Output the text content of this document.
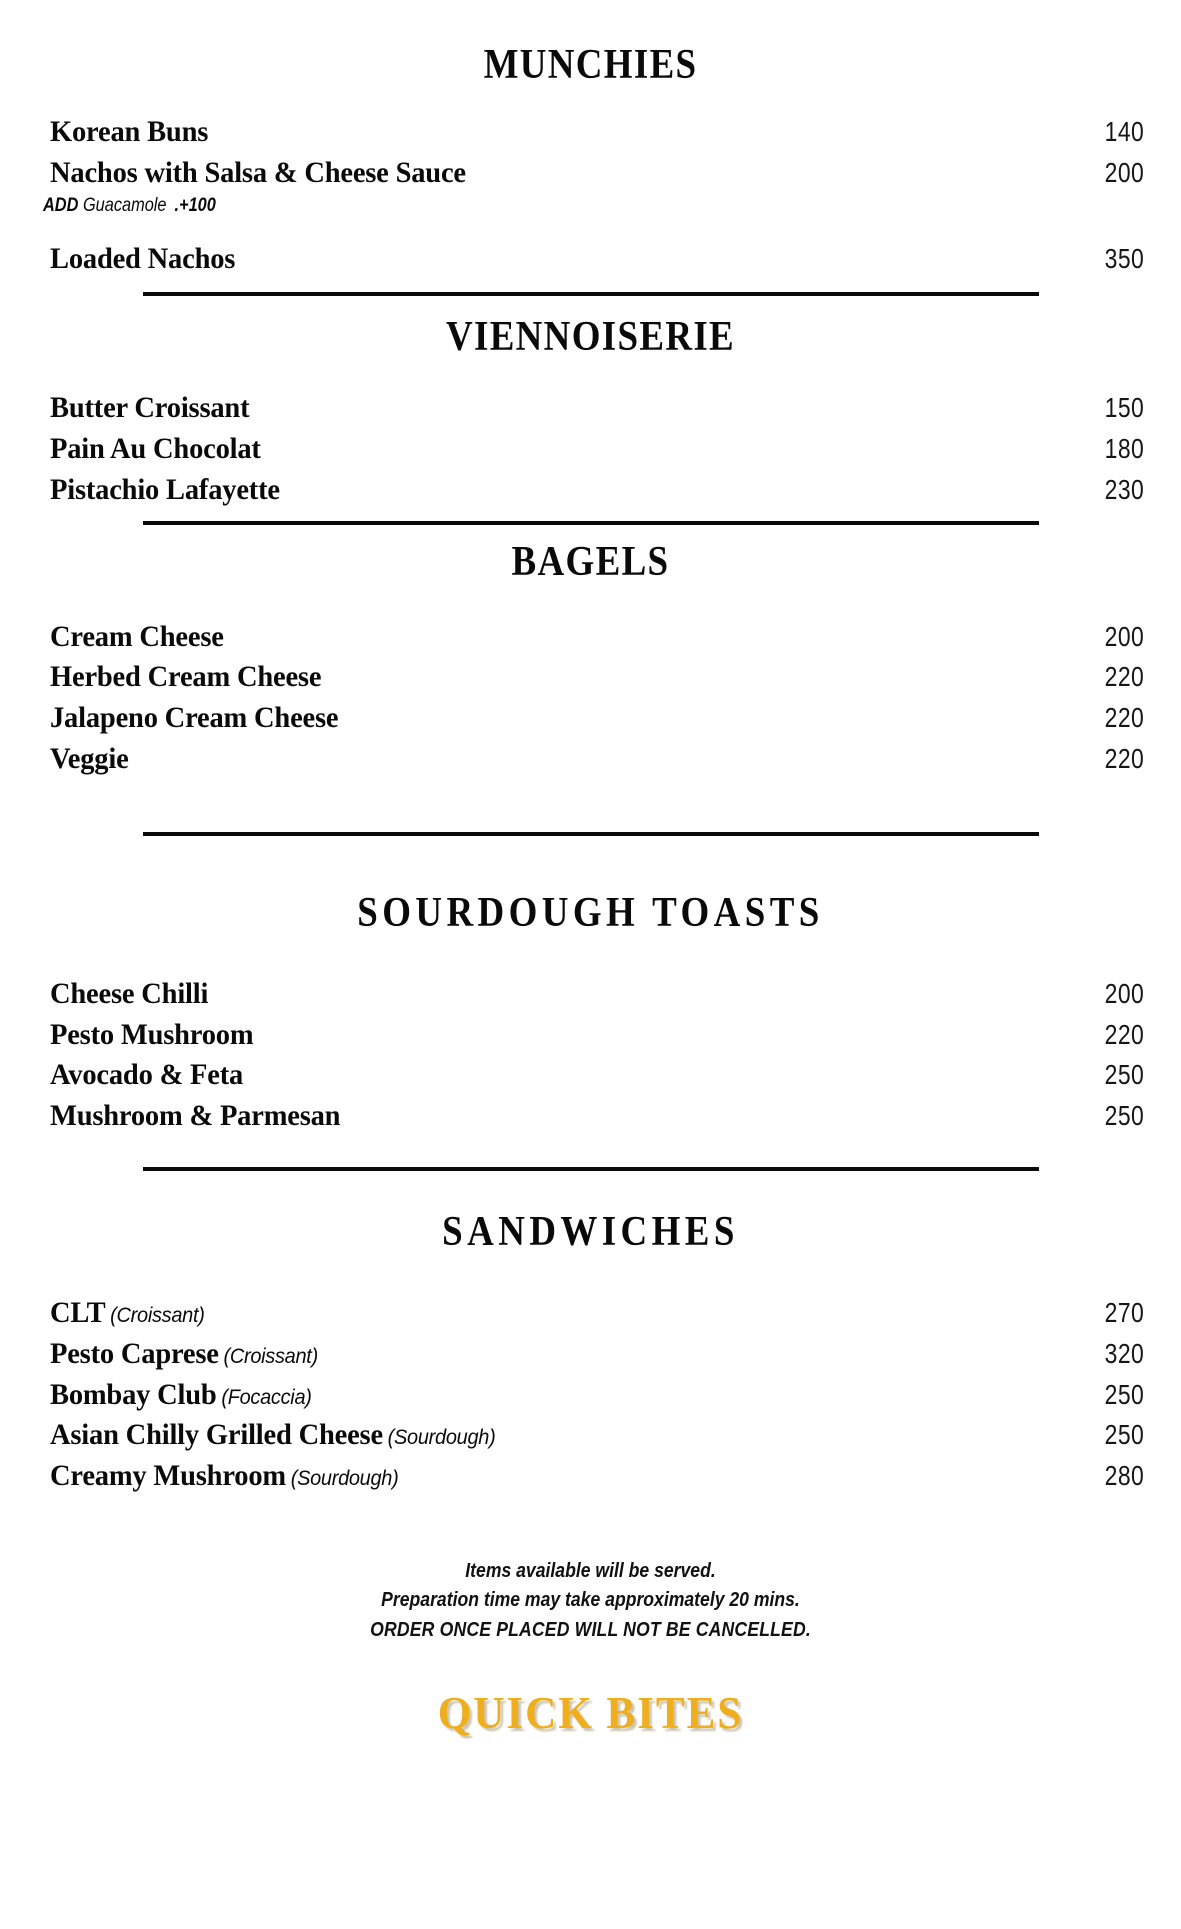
MUNCHIES
Korean Buns	140
Nachos with Salsa & Cheese Sauce	200
ADD Guacamole .+100
Loaded Nachos	350
VIENNOISERIE
Butter Croissant	150
Pain Au Chocolat	180
Pistachio Lafayette	230
BAGELS
Cream Cheese	200
Herbed Cream Cheese	220
Jalapeno Cream Cheese	220
Veggie	220
SOURDOUGH TOASTS
Cheese Chilli	200
Pesto Mushroom	220
Avocado & Feta	250
Mushroom & Parmesan	250
SANDWICHES
CLT (Croissant)	270
Pesto Caprese (Croissant)	320
Bombay Club (Focaccia)	250
Asian Chilly Grilled Cheese (Sourdough)	250
Creamy Mushroom (Sourdough)	280
Items available will be served.
Preparation time may take approximately 20 mins.
ORDER ONCE PLACED WILL NOT BE CANCELLED.
QUICK BITES
